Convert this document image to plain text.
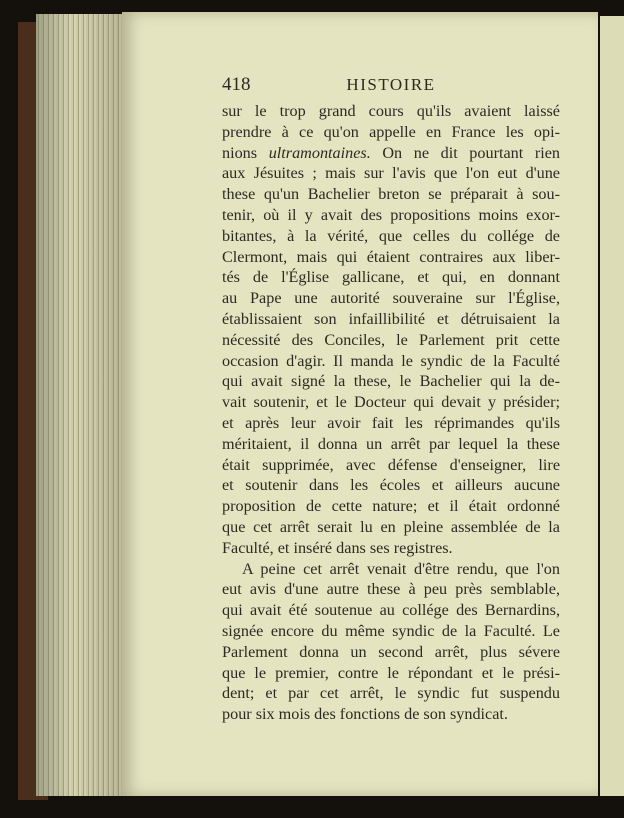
418	HISTOIRE
sur le trop grand cours qu'ils avaient laissé
prendre à ce qu'on appelle en France les opi-
nions ultramontaines. On ne dit pourtant rien
aux Jésuites ; mais sur l'avis que l'on eut d'une
these qu'un Bachelier breton se préparait à sou-
tenir, où il y avait des propositions moins exor-
bitantes, à la vérité, que celles du collége de
Clermont, mais qui étaient contraires aux liber-
tés de l'Église gallicane, et qui, en donnant
au Pape une autorité souveraine sur l'Église,
établissaient son infaillibilité et détruisaient la
nécessité des Conciles, le Parlement prit cette
occasion d'agir. Il manda le syndic de la Faculté
qui avait signé la these, le Bachelier qui la de-
vait soutenir, et le Docteur qui devait y présider;
et après leur avoir fait les réprimandes qu'ils
méritaient, il donna un arrêt par lequel la these
était supprimée, avec défense d'enseigner, lire
et soutenir dans les écoles et ailleurs aucune
proposition de cette nature; et il était ordonné
que cet arrêt serait lu en pleine assemblée de la
Faculté, et inséré dans ses registres.
A peine cet arrêt venait d'être rendu, que l'on
eut avis d'une autre these à peu près semblable,
qui avait été soutenue au collége des Bernardins,
signée encore du même syndic de la Faculté. Le
Parlement donna un second arrêt, plus sévere
que le premier, contre le répondant et le prési-
dent; et par cet arrêt, le syndic fut suspendu
pour six mois des fonctions de son syndicat.
